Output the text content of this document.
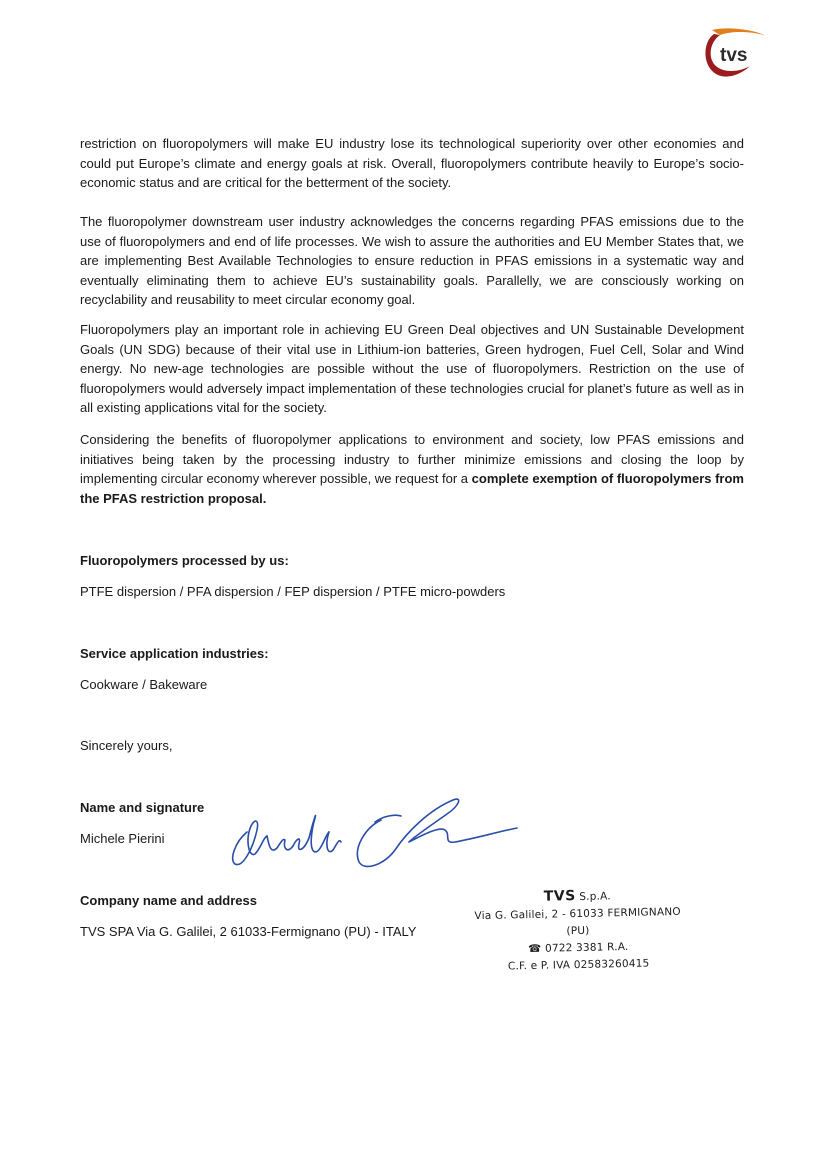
tvs
restriction on fluoropolymers will make EU industry lose its technological superiority over other economies and could put Europe’s climate and energy goals at risk. Overall, fluoropolymers contribute heavily to Europe’s socio-economic status and are critical for the betterment of the society.
The fluoropolymer downstream user industry acknowledges the concerns regarding PFAS emissions due to the use of fluoropolymers and end of life processes. We wish to assure the authorities and EU Member States that, we are implementing Best Available Technologies to ensure reduction in PFAS emissions in a systematic way and eventually eliminating them to achieve EU’s sustainability goals. Parallelly, we are consciously working on recyclability and reusability to meet circular economy goal.
Fluoropolymers play an important role in achieving EU Green Deal objectives and UN Sustainable Development Goals (UN SDG) because of their vital use in Lithium-ion batteries, Green hydrogen, Fuel Cell, Solar and Wind energy. No new-age technologies are possible without the use of fluoropolymers. Restriction on the use of fluoropolymers would adversely impact implementation of these technologies crucial for planet’s future as well as in all existing applications vital for the society.
Considering the benefits of fluoropolymer applications to environment and society, low PFAS emissions and initiatives being taken by the processing industry to further minimize emissions and closing the loop by implementing circular economy wherever possible, we request for a complete exemption of fluoropolymers from the PFAS restriction proposal.
Fluoropolymers processed by us:
PTFE dispersion / PFA dispersion / FEP dispersion / PTFE micro-powders
Service application industries:
Cookware / Bakeware
Sincerely yours,
Name and signature
Michele Pierini
Company name and address
TVS SPA Via G. Galilei, 2 61033-Fermignano (PU) - ITALY
TVS S.p.A.
Via G. Galilei, 2 - 61033 FERMIGNANO (PU)
☎ 0722 3381 R.A.
C.F. e P. IVA 02583260415
